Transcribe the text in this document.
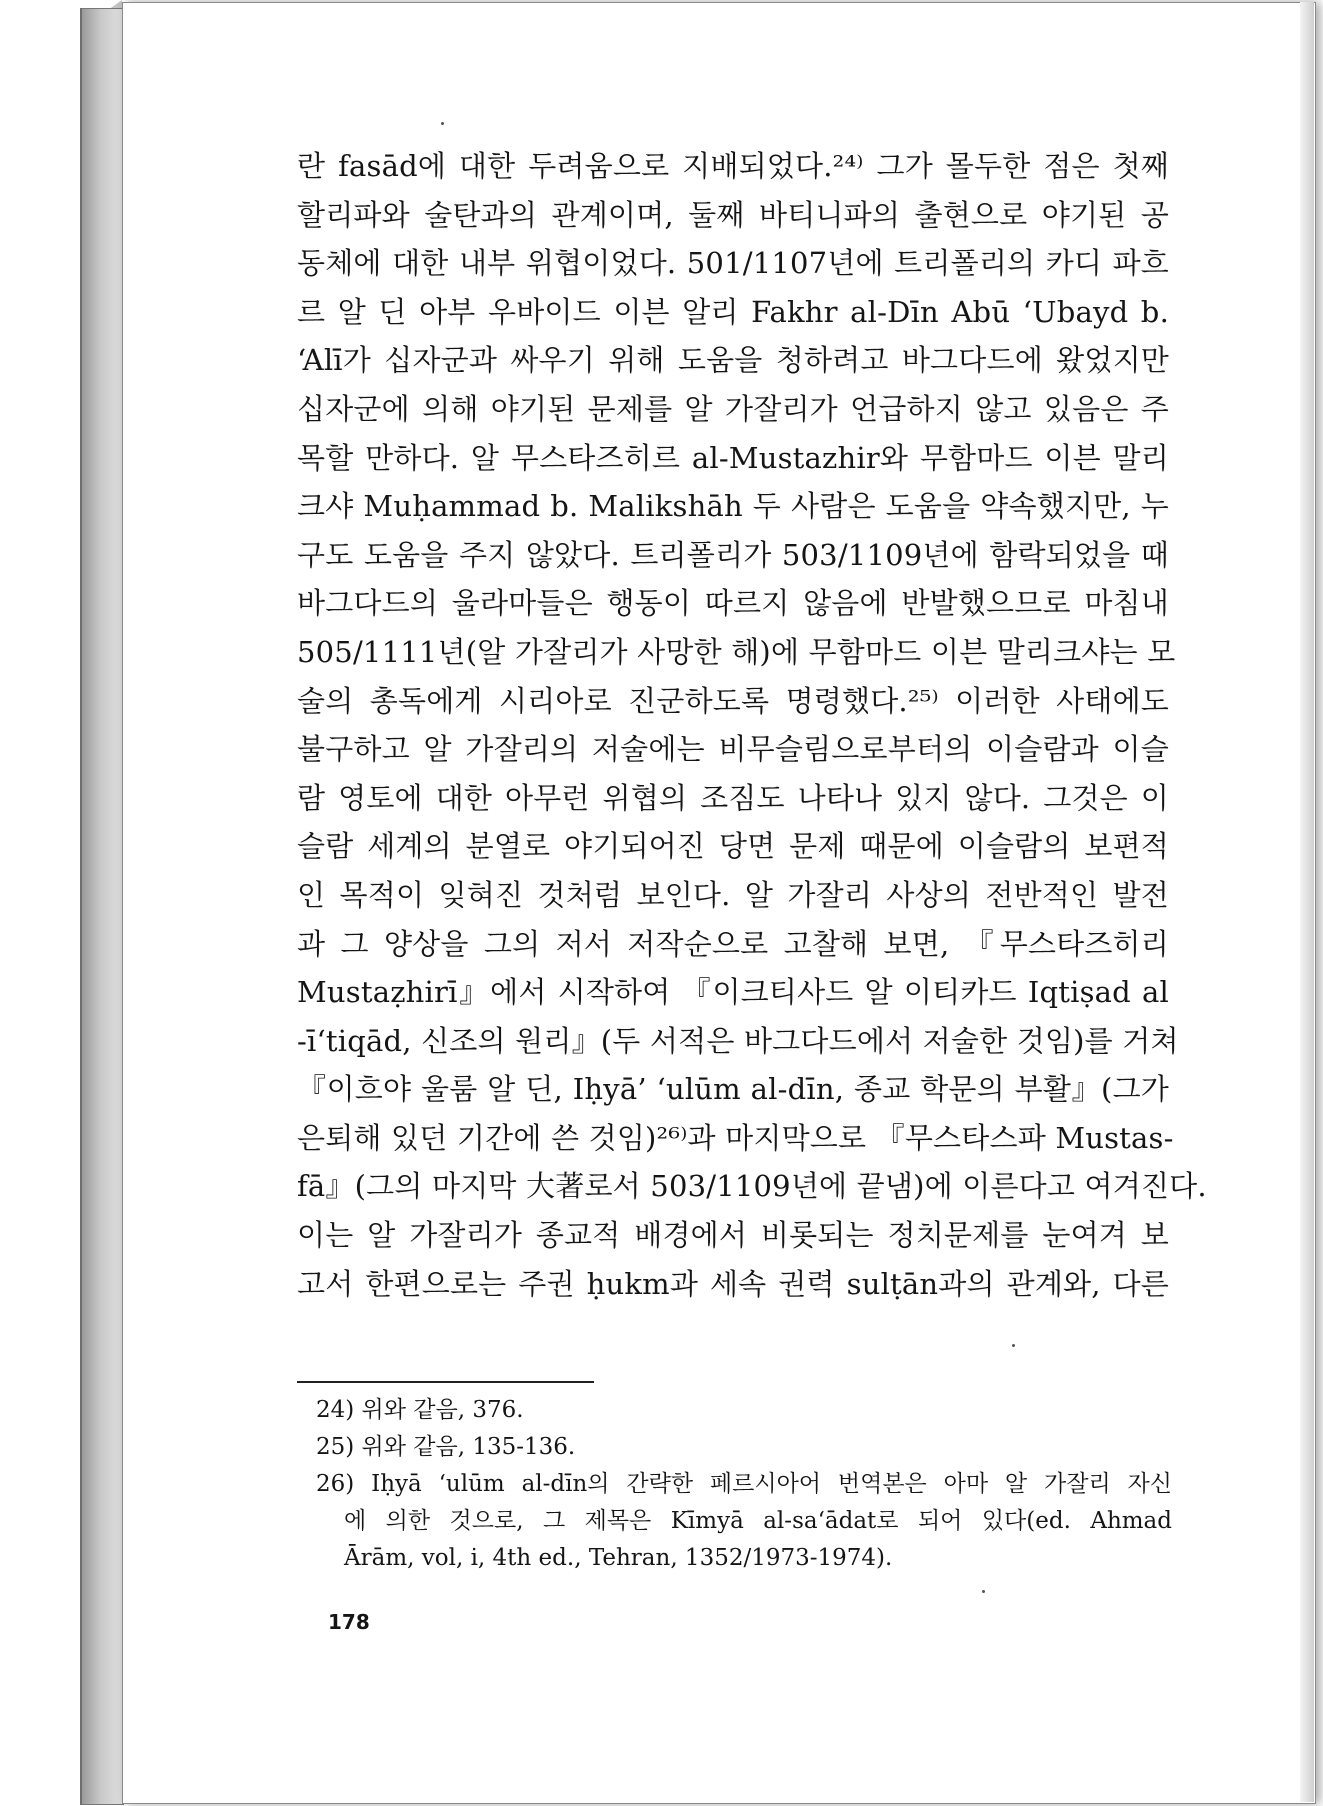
란 fasād에 대한 두려움으로 지배되었다.²⁴⁾ 그가 몰두한 점은 첫째
할리파와 술탄과의 관계이며, 둘째 바티니파의 출현으로 야기된 공
동체에 대한 내부 위협이었다. 501/1107년에 트리폴리의 카디 파흐
르 알 딘 아부 우바이드 이븐 알리 Fakhr al-Dīn Abū ‘Ubayd b.
‘Alī가 십자군과 싸우기 위해 도움을 청하려고 바그다드에 왔었지만
십자군에 의해 야기된 문제를 알 가잘리가 언급하지 않고 있음은 주
목할 만하다. 알 무스타즈히르 al-Mustazhir와 무함마드 이븐 말리
크샤 Muḥammad b. Malikshāh 두 사람은 도움을 약속했지만, 누
구도 도움을 주지 않았다. 트리폴리가 503/1109년에 함락되었을 때
바그다드의 울라마들은 행동이 따르지 않음에 반발했으므로 마침내
505/1111년(알 가잘리가 사망한 해)에 무함마드 이븐 말리크샤는 모
술의 총독에게 시리아로 진군하도록 명령했다.²⁵⁾ 이러한 사태에도
불구하고 알 가잘리의 저술에는 비무슬림으로부터의 이슬람과 이슬
람 영토에 대한 아무런 위협의 조짐도 나타나 있지 않다. 그것은 이
슬람 세계의 분열로 야기되어진 당면 문제 때문에 이슬람의 보편적
인 목적이 잊혀진 것처럼 보인다. 알 가잘리 사상의 전반적인 발전
과 그 양상을 그의 저서 저작순으로 고찰해 보면, 『무스타즈히리
Mustaẓhirī』에서 시작하여 『이크티사드 알 이티카드 Iqtiṣad al
-ī‘tiqād, 신조의 원리』(두 서적은 바그다드에서 저술한 것임)를 거쳐
『이흐야 울룸 알 딘, Iḥyā’ ‘ulūm al-dīn, 종교 학문의 부활』(그가
은퇴해 있던 기간에 쓴 것임)²⁶⁾과 마지막으로 『무스타스파 Mustas-
fā』(그의 마지막 大著로서 503/1109년에 끝냄)에 이른다고 여겨진다.
이는 알 가잘리가 종교적 배경에서 비롯되는 정치문제를 눈여겨 보
고서 한편으로는 주권 ḥukm과 세속 권력 sulṭān과의 관계와, 다른
24) 위와 같음, 376.
25) 위와 같음, 135-136.
26) Iḥyā ‘ulūm al-dīn의 간략한 페르시아어 번역본은 아마 알 가잘리 자신
에 의한 것으로, 그 제목은 Kīmyā al-sa‘ādat로 되어 있다(ed. Ahmad
Ārām, vol, i, 4th ed., Tehran, 1352/1973-1974).
178
